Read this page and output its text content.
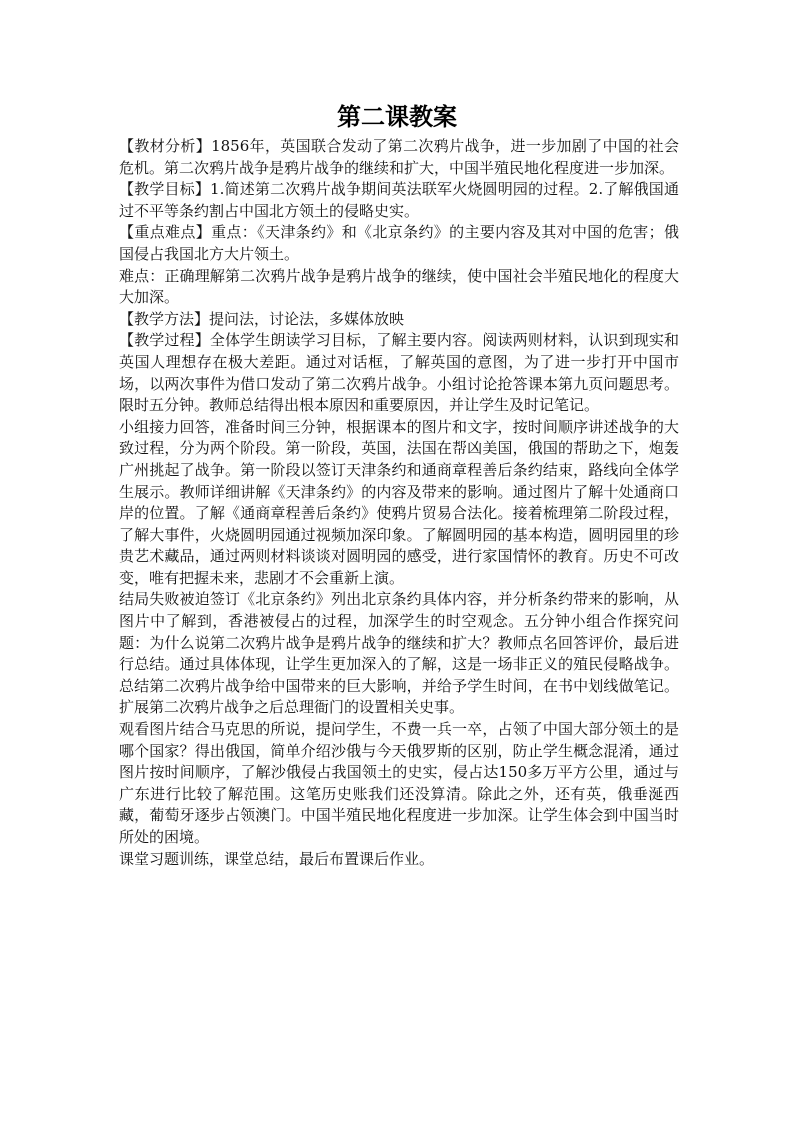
第二课教案

【教材分析】1856年，英国联合发动了第二次鸦片战争，进一步加剧了中国的社会危机。第二次鸦片战争是鸦片战争的继续和扩大，中国半殖民地化程度进一步加深。

【教学目标】1.简述第二次鸦片战争期间英法联军火烧圆明园的过程。2.了解俄国通过不平等条约割占中国北方领土的侵略史实。

【重点难点】重点：《天津条约》和《北京条约》的主要内容及其对中国的危害；俄国侵占我国北方大片领土。

难点：正确理解第二次鸦片战争是鸦片战争的继续，使中国社会半殖民地化的程度大大加深。

【教学方法】提问法，讨论法，多媒体放映

【教学过程】全体学生朗读学习目标，了解主要内容。阅读两则材料，认识到现实和英国人理想存在极大差距。通过对话框，了解英国的意图，为了进一步打开中国市场，以两次事件为借口发动了第二次鸦片战争。小组讨论抢答课本第九页问题思考。限时五分钟。教师总结得出根本原因和重要原因，并让学生及时记笔记。

小组接力回答，准备时间三分钟，根据课本的图片和文字，按时间顺序讲述战争的大致过程，分为两个阶段。第一阶段，英国，法国在帮凶美国，俄国的帮助之下，炮轰广州挑起了战争。第一阶段以签订天津条约和通商章程善后条约结束，路线向全体学生展示。教师详细讲解《天津条约》的内容及带来的影响。通过图片了解十处通商口岸的位置。了解《通商章程善后条约》使鸦片贸易合法化。接着梳理第二阶段过程，了解大事件，火烧圆明园通过视频加深印象。了解圆明园的基本构造，圆明园里的珍贵艺术藏品，通过两则材料谈谈对圆明园的感受，进行家国情怀的教育。历史不可改变，唯有把握未来，悲剧才不会重新上演。

结局失败被迫签订《北京条约》列出北京条约具体内容，并分析条约带来的影响，从图片中了解到，香港被侵占的过程，加深学生的时空观念。五分钟小组合作探究问题：为什么说第二次鸦片战争是鸦片战争的继续和扩大？教师点名回答评价，最后进行总结。通过具体体现，让学生更加深入的了解，这是一场非正义的殖民侵略战争。总结第二次鸦片战争给中国带来的巨大影响，并给予学生时间，在书中划线做笔记。扩展第二次鸦片战争之后总理衙门的设置相关史事。

观看图片结合马克思的所说，提问学生，不费一兵一卒，占领了中国大部分领土的是哪个国家？得出俄国，简单介绍沙俄与今天俄罗斯的区别，防止学生概念混淆，通过图片按时间顺序，了解沙俄侵占我国领土的史实，侵占达150多万平方公里，通过与广东进行比较了解范围。这笔历史账我们还没算清。除此之外，还有英，俄垂涎西藏，葡萄牙逐步占领澳门。中国半殖民地化程度进一步加深。让学生体会到中国当时所处的困境。

课堂习题训练，课堂总结，最后布置课后作业。
